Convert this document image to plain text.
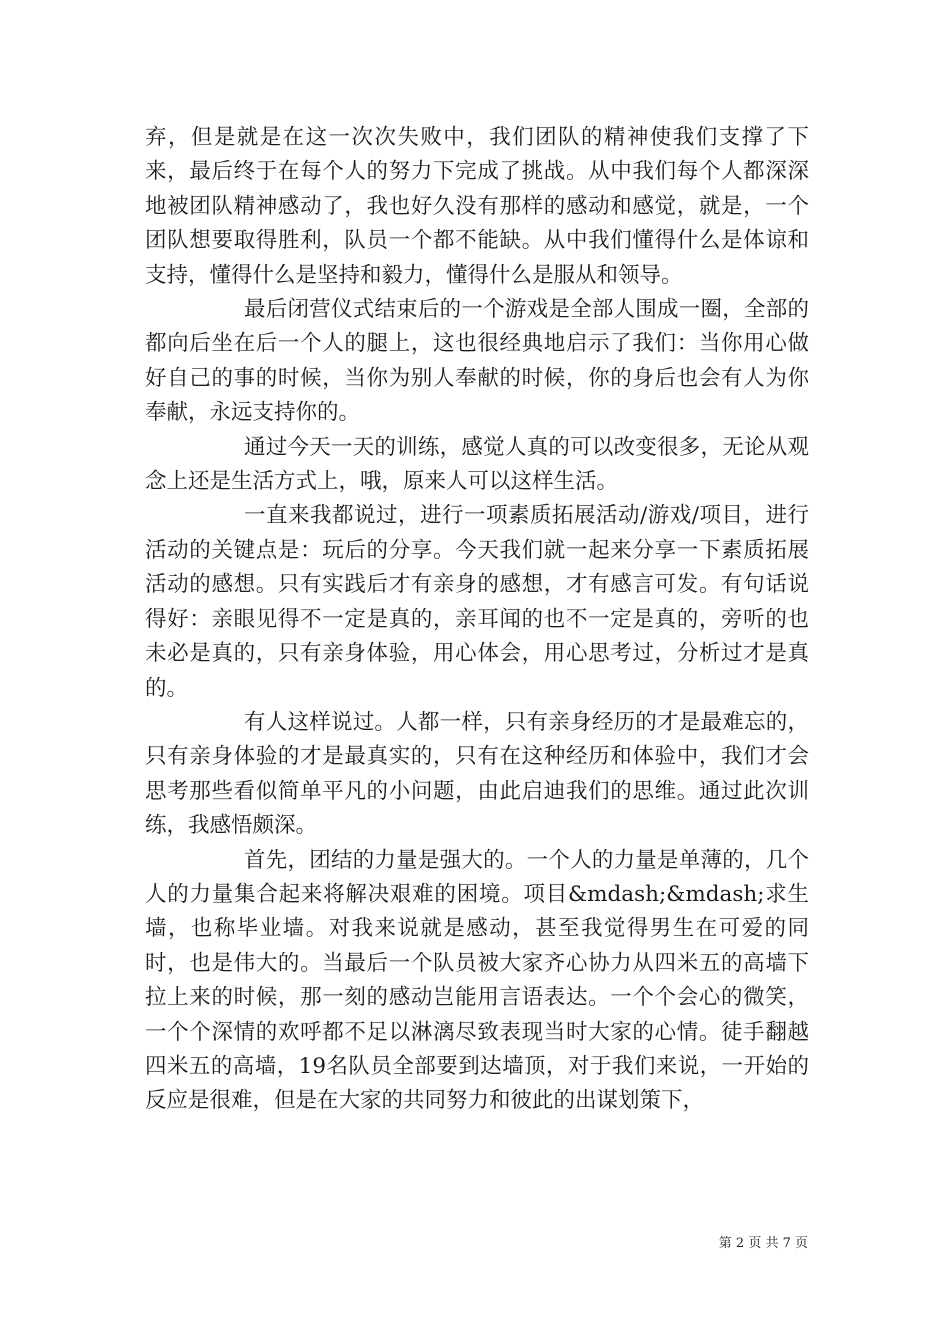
弃，但是就是在这一次次失败中，我们团队的精神使我们支撑了下来，最后终于在每个人的努力下完成了挑战。从中我们每个人都深深地被团队精神感动了，我也好久没有那样的感动和感觉，就是，一个团队想要取得胜利，队员一个都不能缺。从中我们懂得什么是体谅和支持，懂得什么是坚持和毅力，懂得什么是服从和领导。

最后闭营仪式结束后的一个游戏是全部人围成一圈，全部的都向后坐在后一个人的腿上，这也很经典地启示了我们：当你用心做好自己的事的时候，当你为别人奉献的时候，你的身后也会有人为你奉献，永远支持你的。

通过今天一天的训练，感觉人真的可以改变很多，无论从观念上还是生活方式上，哦，原来人可以这样生活。

一直来我都说过，进行一项素质拓展活动/游戏/项目，进行活动的关键点是：玩后的分享。今天我们就一起来分享一下素质拓展活动的感想。只有实践后才有亲身的感想，才有感言可发。有句话说得好：亲眼见得不一定是真的，亲耳闻的也不一定是真的，旁听的也未必是真的，只有亲身体验，用心体会，用心思考过，分析过才是真的。

有人这样说过。人都一样，只有亲身经历的才是最难忘的，只有亲身体验的才是最真实的，只有在这种经历和体验中，我们才会思考那些看似简单平凡的小问题，由此启迪我们的思维。通过此次训练，我感悟颇深。

首先，团结的力量是强大的。一个人的力量是单薄的，几个人的力量集合起来将解决艰难的困境。项目&mdash;&mdash;求生墙，也称毕业墙。对我来说就是感动，甚至我觉得男生在可爱的同时，也是伟大的。当最后一个队员被大家齐心协力从四米五的高墙下拉上来的时候，那一刻的感动岂能用言语表达。一个个会心的微笑，一个个深情的欢呼都不足以淋漓尽致表现当时大家的心情。徒手翻越四米五的高墙，19名队员全部要到达墙顶，对于我们来说，一开始的反应是很难，但是在大家的共同努力和彼此的出谋划策下，

第 2 页 共 7 页
